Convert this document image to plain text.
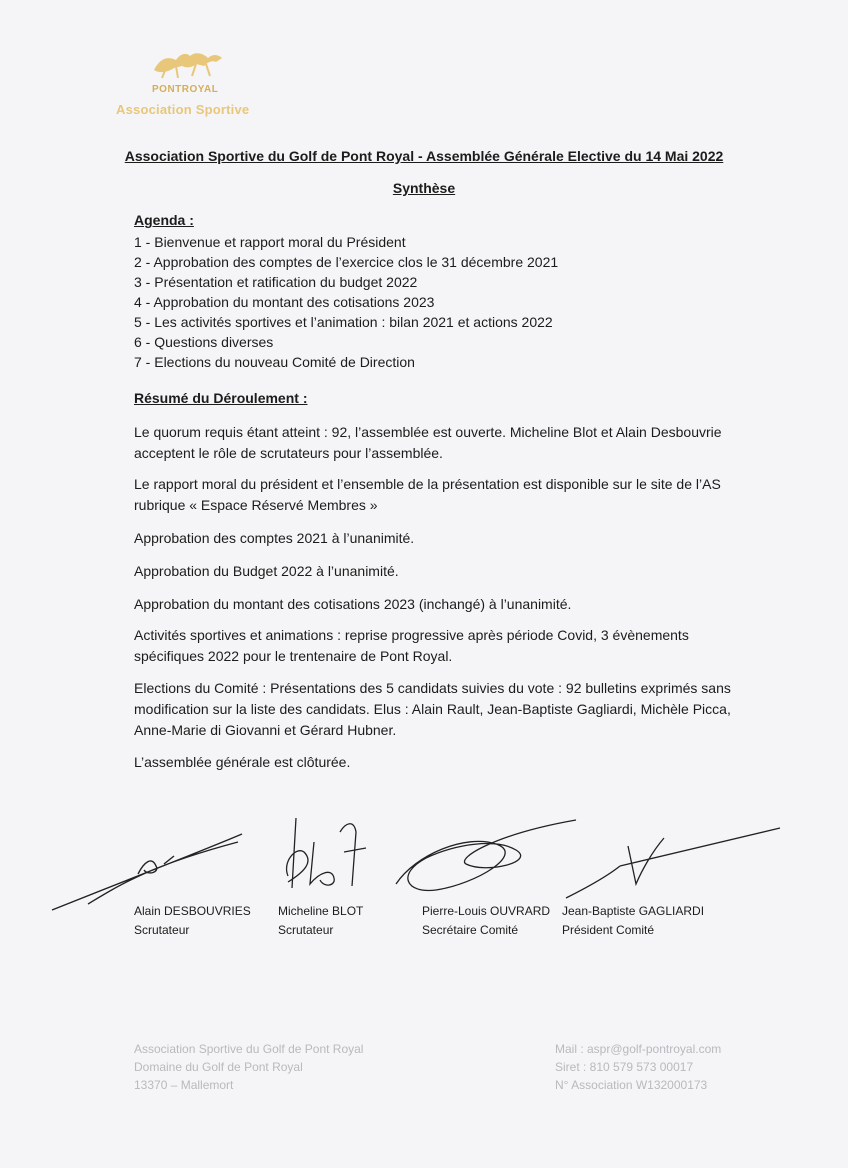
PONTROYAL
Association Sportive
Association Sportive du Golf de Pont Royal - Assemblée Générale Elective du 14 Mai 2022
Synthèse
Agenda :
1 - Bienvenue et rapport moral du Président
2 - Approbation des comptes de l’exercice clos le 31 décembre 2021
3 - Présentation et ratification du budget 2022
4 - Approbation du montant des cotisations 2023
5 - Les activités sportives et l’animation : bilan 2021 et actions 2022
6 - Questions diverses
7 - Elections du nouveau Comité de Direction
Résumé du Déroulement :
Le quorum requis étant atteint : 92, l’assemblée est ouverte. Micheline Blot et Alain Desbouvrie acceptent le rôle de scrutateurs pour l’assemblée.
Le rapport moral du président et l’ensemble de la présentation est disponible sur le site de l’AS rubrique « Espace Réservé Membres »
Approbation des comptes 2021 à l’unanimité.
Approbation du Budget 2022 à l’unanimité.
Approbation du montant des cotisations 2023 (inchangé) à l’unanimité.
Activités sportives et animations : reprise progressive après période Covid, 3 évènements spécifiques 2022 pour le trentenaire de Pont Royal.
Elections du Comité : Présentations des 5 candidats suivies du vote : 92 bulletins exprimés sans modification sur la liste des candidats. Elus : Alain Rault, Jean-Baptiste Gagliardi, Michèle Picca, Anne-Marie di Giovanni et Gérard Hubner.
L’assemblée générale est clôturée.
Alain DESBOUVRIES
Scrutateur
Micheline BLOT
Scrutateur
Pierre-Louis OUVRARD
Secrétaire Comité
Jean-Baptiste GAGLIARDI
Président Comité
Association Sportive du Golf de Pont Royal
Domaine du Golf de Pont Royal
13370 – Mallemort
Mail : aspr@golf-pontroyal.com
Siret : 810 579 573 00017
N° Association W132000173
